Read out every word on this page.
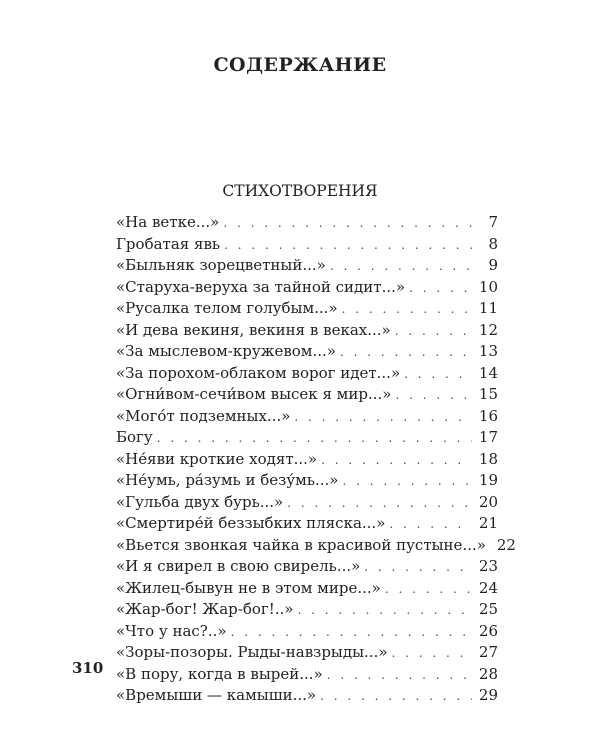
СОДЕРЖАНИЕ
СТИХОТВОРЕНИЯ
«На ветке...» . . .	7
Гробатая явь . . .	8
«Быльняк зорецветный...» . . .	9
«Старуха-веруха за тайной сидит...» . . .	10
«Русалка телом голубым...» . . .	11
«И дева векиня, векиня в веках...» . . .	12
«За мыслевом-кружевом...» . . .	13
«За порохом-облаком ворог идет...» . . .	14
«Огни́вом-сечи́вом высек я мир...» . . .	15
«Мого́т подземных...» . . .	16
Богу . . .	17
«Не́яви кроткие ходят...» . . .	18
«Не́умь, ра́зумь и безу́мь...» . . .	19
«Гульба двух бурь...» . . .	20
«Смертире́й беззыбких пляска...» . . .	21
«Вьется звонкая чайка в красивой пустыне...» 22
«И я свирел в свою свирель...» . . .	23
«Жилец-бывун не в этом мире...» . . .	24
«Жар-бог! Жар-бог!..» . . .	25
«Что у нас?..» . . .	26
«Зоры-позоры. Рыды-навзрыды...» . . .	27
«В пору, когда в вырей...» . . .	28
«Времыши — камыши...» . . .	29
310
